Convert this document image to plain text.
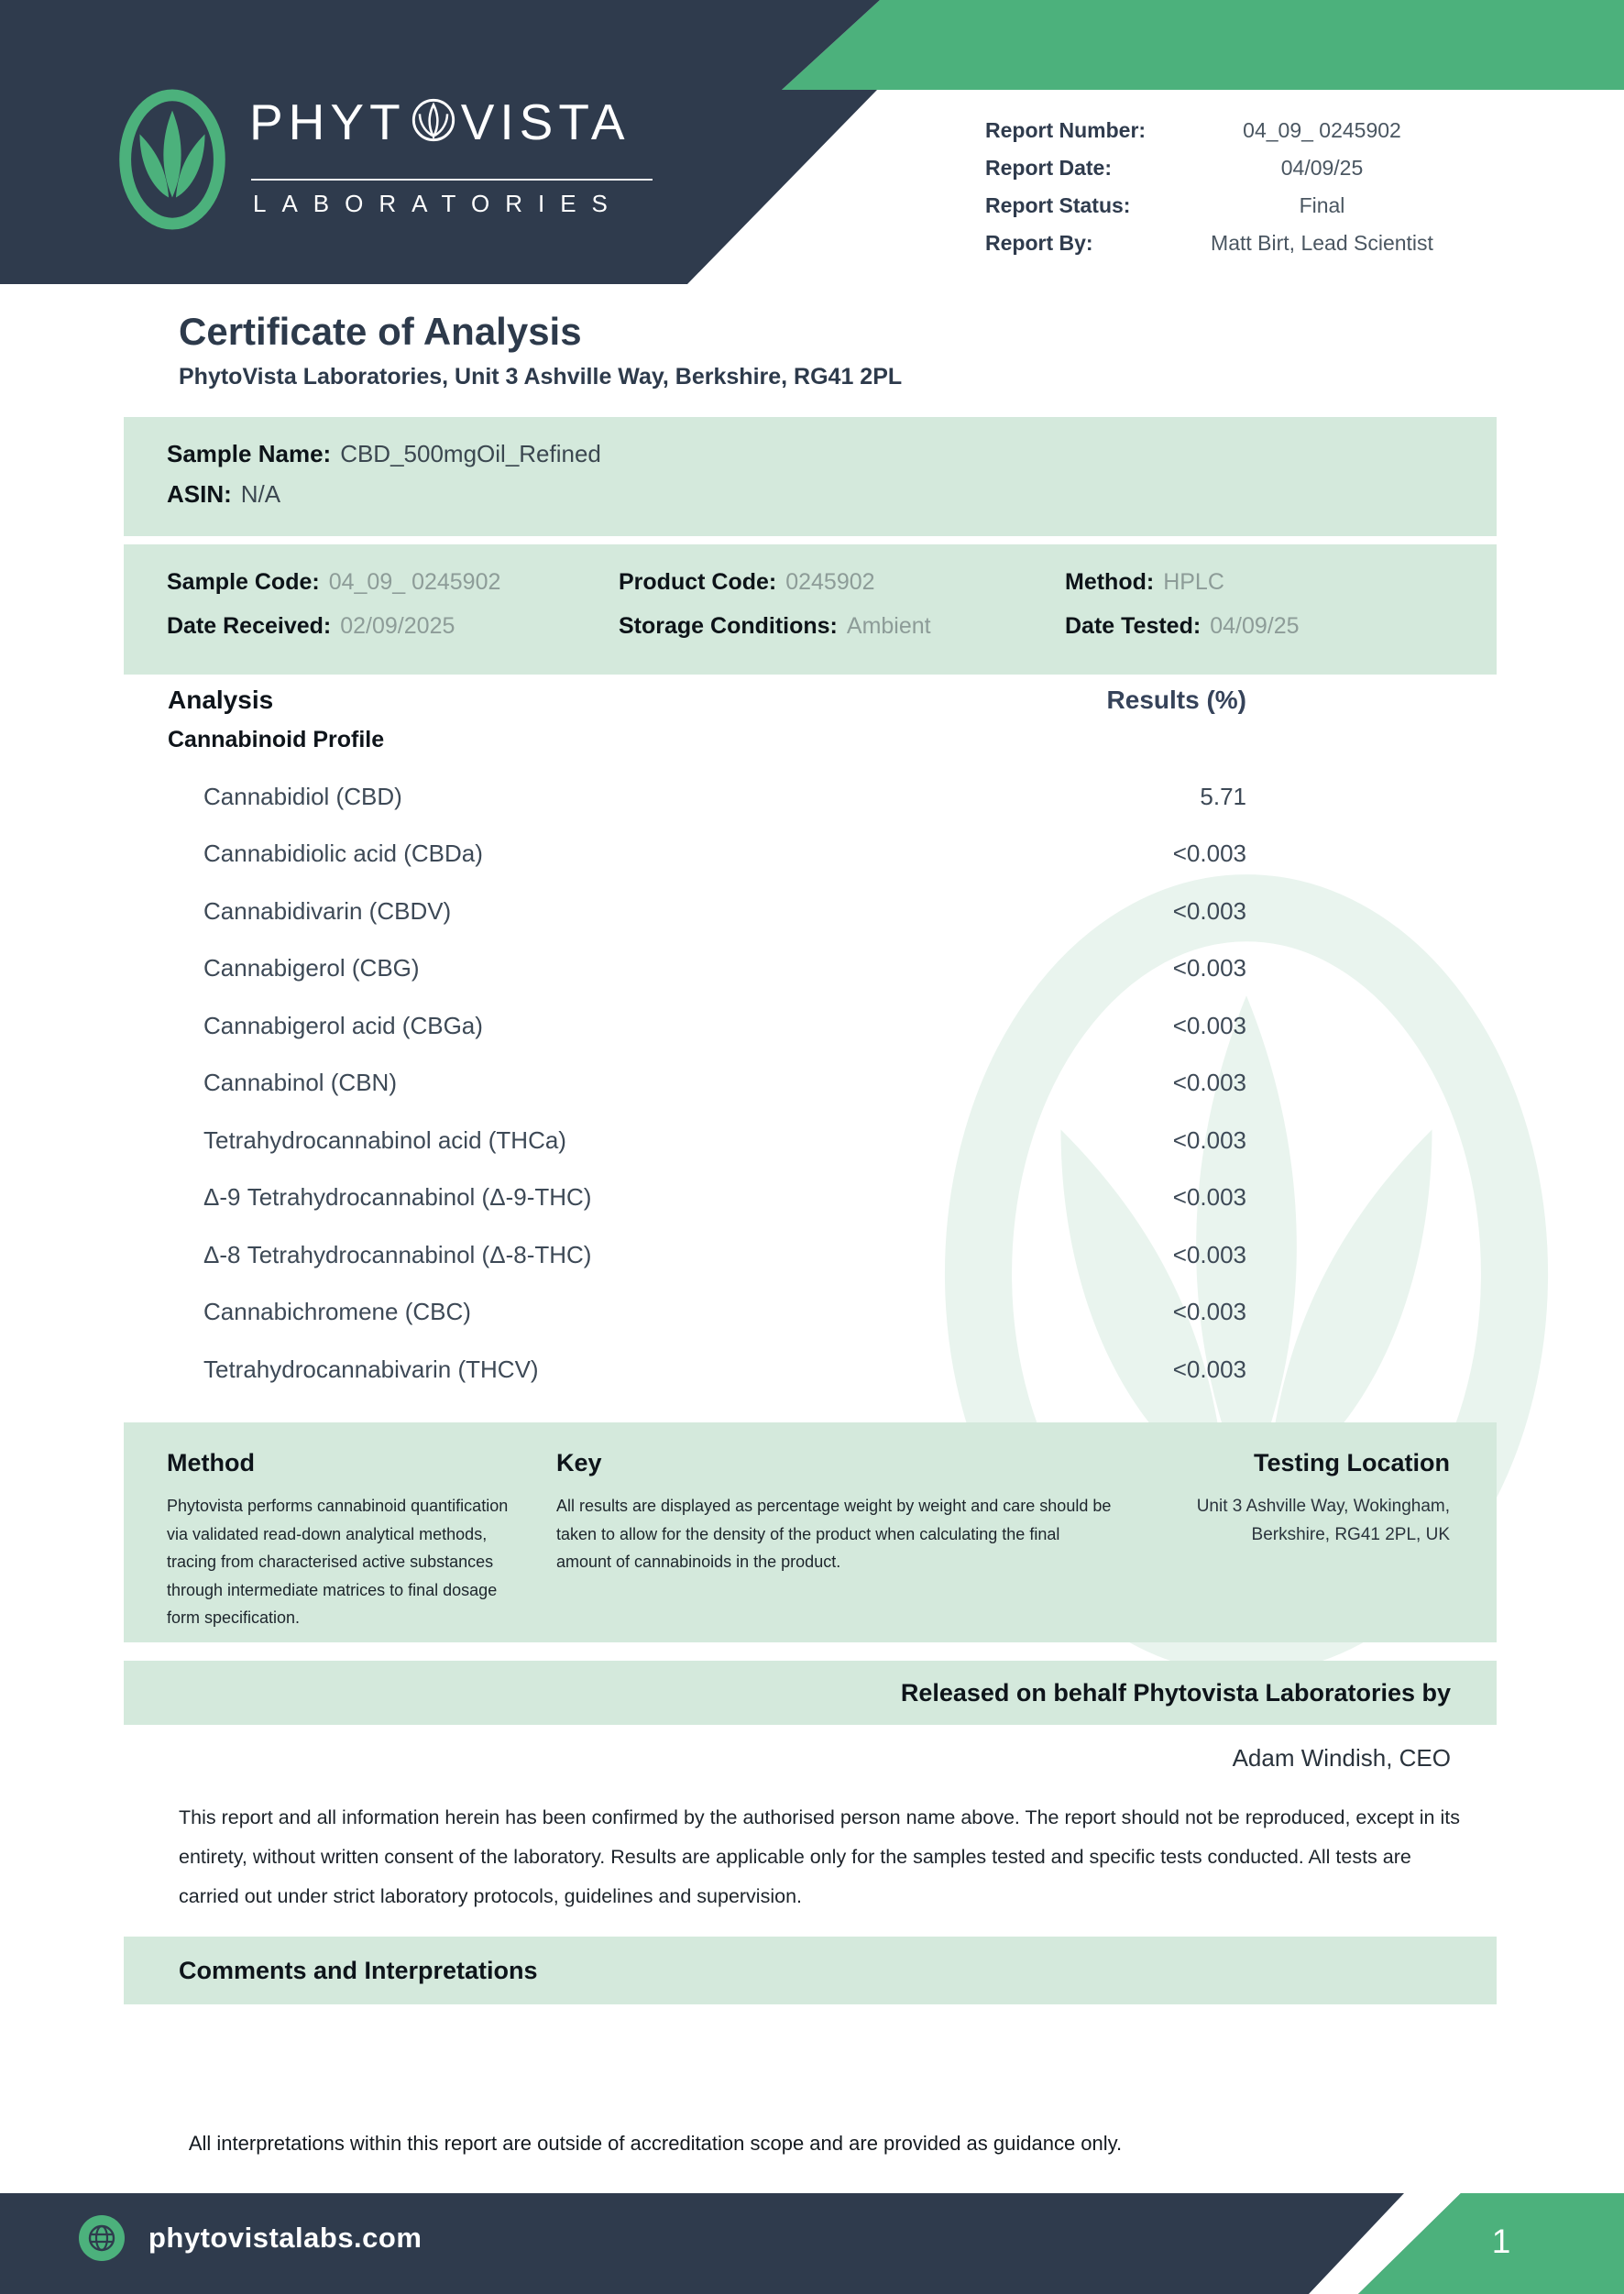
PHYT VISTA
LABORATORIES
Report Number:	04_09_ 0245902
Report Date:	04/09/25
Report Status:	Final
Report By:	Matt Birt, Lead Scientist
Certificate of Analysis
PhytoVista Laboratories, Unit 3 Ashville Way, Berkshire, RG41 2PL
Sample Name: CBD_500mgOil_Refined
ASIN: N/A
Sample Code: 04_09_ 0245902	Product Code: 0245902	Method: HPLC
Date Received: 02/09/2025	Storage Conditions: Ambient	Date Tested: 04/09/25
Analysis	Results (%)
Cannabinoid Profile
Cannabidiol (CBD)	5.71
Cannabidiolic acid (CBDa)	<0.003
Cannabidivarin (CBDV)	<0.003
Cannabigerol (CBG)	<0.003
Cannabigerol acid (CBGa)	<0.003
Cannabinol (CBN)	<0.003
Tetrahydrocannabinol acid (THCa)	<0.003
Δ-9 Tetrahydrocannabinol (Δ-9-THC)	<0.003
Δ-8 Tetrahydrocannabinol (Δ-8-THC)	<0.003
Cannabichromene (CBC)	<0.003
Tetrahydrocannabivarin (THCV)	<0.003
Method
Phytovista performs cannabinoid quantification via validated read-down analytical methods, tracing from characterised active substances through intermediate matrices to final dosage form specification.
Key
All results are displayed as percentage weight by weight and care should be taken to allow for the density of the product when calculating the final amount of cannabinoids in the product.
Testing Location
Unit 3 Ashville Way, Wokingham,
Berkshire, RG41 2PL, UK
Released on behalf Phytovista Laboratories by
Adam Windish, CEO
This report and all information herein has been confirmed by the authorised person name above. The report should not be reproduced, except in its entirety, without written consent of the laboratory. Results are applicable only for the samples tested and specific tests conducted. All tests are carried out under strict laboratory protocols, guidelines and supervision.
Comments and Interpretations
All interpretations within this report are outside of accreditation scope and are provided as guidance only.
1
phytovistalabs.com
